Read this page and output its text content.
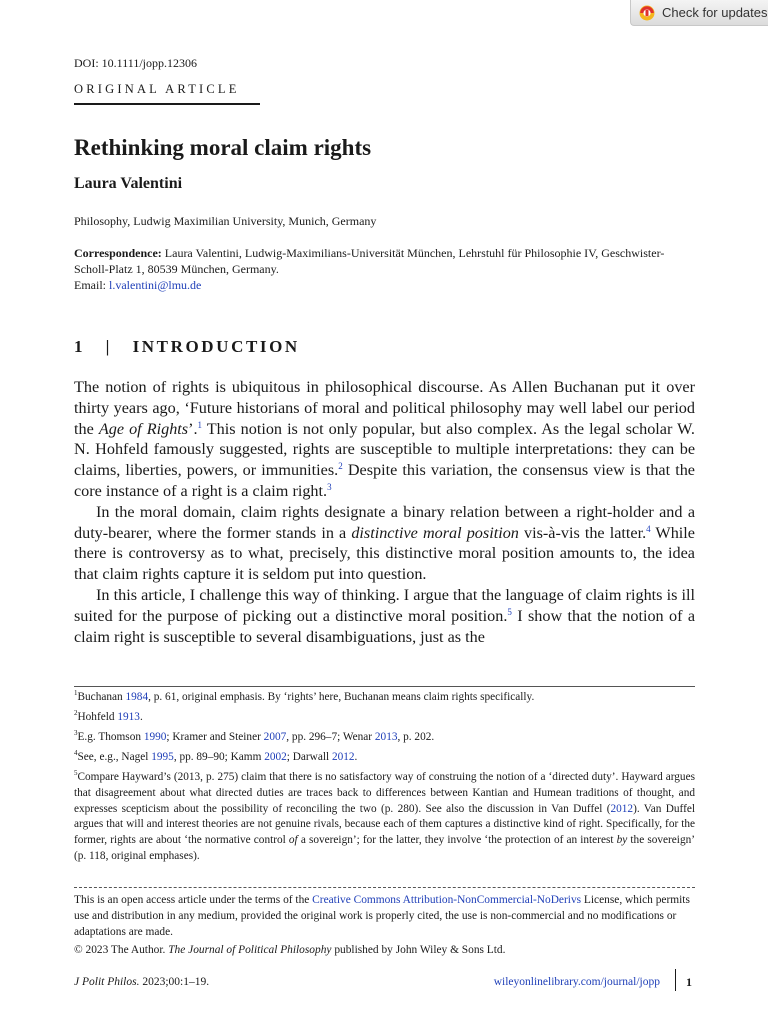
Check for updates
DOI: 10.1111/jopp.12306
ORIGINAL ARTICLE
Rethinking moral claim rights
Laura Valentini
Philosophy, Ludwig Maximilian University, Munich, Germany
Correspondence: Laura Valentini, Ludwig-Maximilians-Universität München, Lehrstuhl für Philosophie IV, Geschwister-Scholl-Platz 1, 80539 München, Germany.
Email: l.valentini@lmu.de
1 | INTRODUCTION

The notion of rights is ubiquitous in philosophical discourse. As Allen Buchanan put it over thirty years ago, ‘Future historians of moral and political philosophy may well label our period the Age of Rights’.$^1$ This notion is not only popular, but also complex. As the legal scholar W. N. Hohfeld famously suggested, rights are susceptible to multiple interpretations: they can be claims, liberties, powers, or immunities.$^2$ Despite this variation, the consensus view is that the core instance of a right is a claim right.$^3$

In the moral domain, claim rights designate a binary relation between a right-holder and a duty-bearer, where the former stands in a distinctive moral position vis-à-vis the latter.$^4$ While there is controversy as to what, precisely, this distinctive moral position amounts to, the idea that claim rights capture it is seldom put into question.

In this article, I challenge this way of thinking. I argue that the language of claim rights is ill suited for the purpose of picking out a distinctive moral position.$^5$ I show that the notion of a claim right is susceptible to several disambiguations, just as the

$^1$Buchanan 1984, p. 61, original emphasis. By ‘rights’ here, Buchanan means claim rights specifically.

$^2$Hohfeld 1913.

$^3$E.g. Thomson 1990; Kramer and Steiner 2007, pp. 296–7; Wenar 2013, p. 202.

$^4$See, e.g., Nagel 1995, pp. 89–90; Kamm 2002; Darwall 2012.

$^5$Compare Hayward’s (2013, p. 275) claim that there is no satisfactory way of construing the notion of a ‘directed duty’. Hayward argues that disagreement about what directed duties are traces back to differences between Kantian and Humean traditions of thought, and expresses scepticism about the possibility of reconciling the two (p. 280). See also the discussion in Van Duffel (2012). Van Duffel argues that will and interest theories are not genuine rivals, because each of them captures a distinctive kind of right. Specifically, for the former, rights are about ‘the normative control of a sovereign’; for the latter, they involve ‘the protection of an interest by the sovereign’ (p. 118, original emphases).

This is an open access article under the terms of the Creative Commons Attribution-NonCommercial-NoDerivs License, which permits use and distribution in any medium, provided the original work is properly cited, the use is non-commercial and no modifications or adaptations are made.

© 2023 The Author. The Journal of Political Philosophy published by John Wiley & Sons Ltd.

J Polit Philos. 2023;00:1–19.	wileyonlinelibrary.com/journal/jopp 1
